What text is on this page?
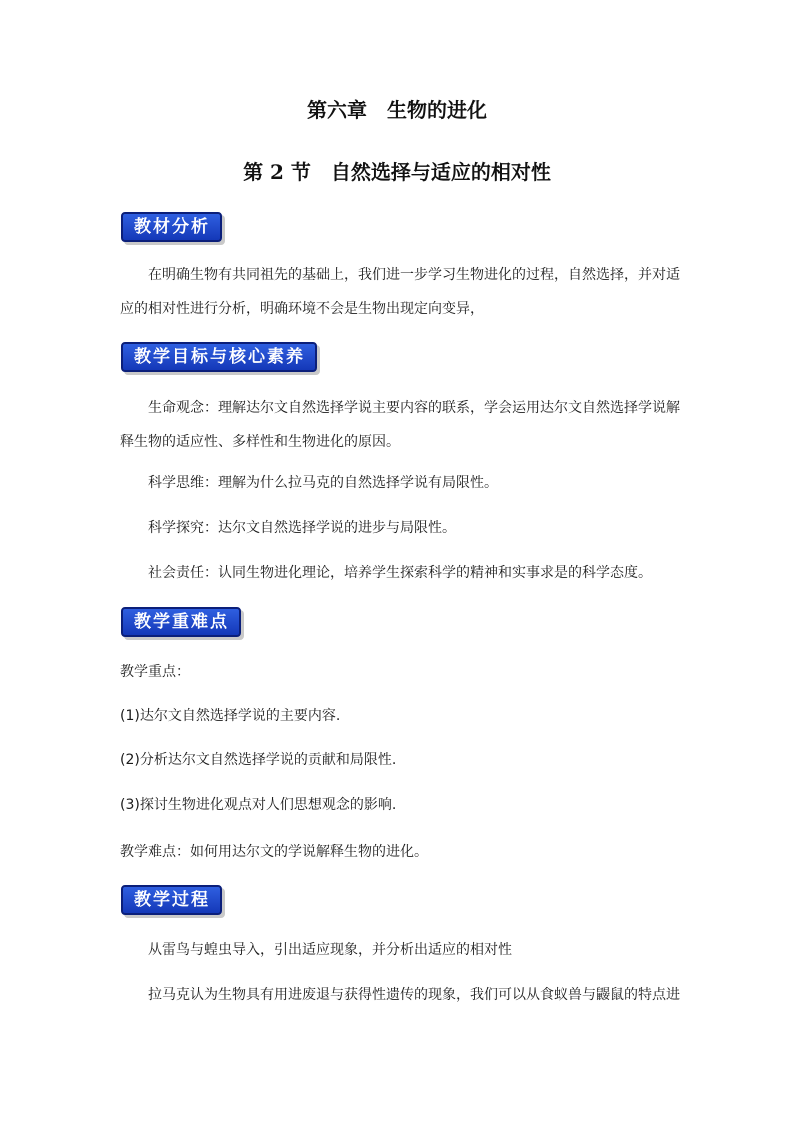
第六章　生物的进化
第 2 节　自然选择与适应的相对性
教材分析
在明确生物有共同祖先的基础上，我们进一步学习生物进化的过程，自然选择，并对适应的相对性进行分析，明确环境不会是生物出现定向变异，
教学目标与核心素养
生命观念：理解达尔文自然选择学说主要内容的联系，学会运用达尔文自然选择学说解释生物的适应性、多样性和生物进化的原因。
科学思维：理解为什么拉马克的自然选择学说有局限性。
科学探究：达尔文自然选择学说的进步与局限性。
社会责任：认同生物进化理论，培养学生探索科学的精神和实事求是的科学态度。
教学重难点
教学重点：
(1)达尔文自然选择学说的主要内容.
(2)分析达尔文自然选择学说的贡献和局限性.
(3)探讨生物进化观点对人们思想观念的影响.
教学难点：如何用达尔文的学说解释生物的进化。
教学过程
从雷鸟与蝗虫导入，引出适应现象，并分析出适应的相对性
拉马克认为生物具有用进废退与获得性遗传的现象，我们可以从食蚁兽与鼹鼠的特点进
